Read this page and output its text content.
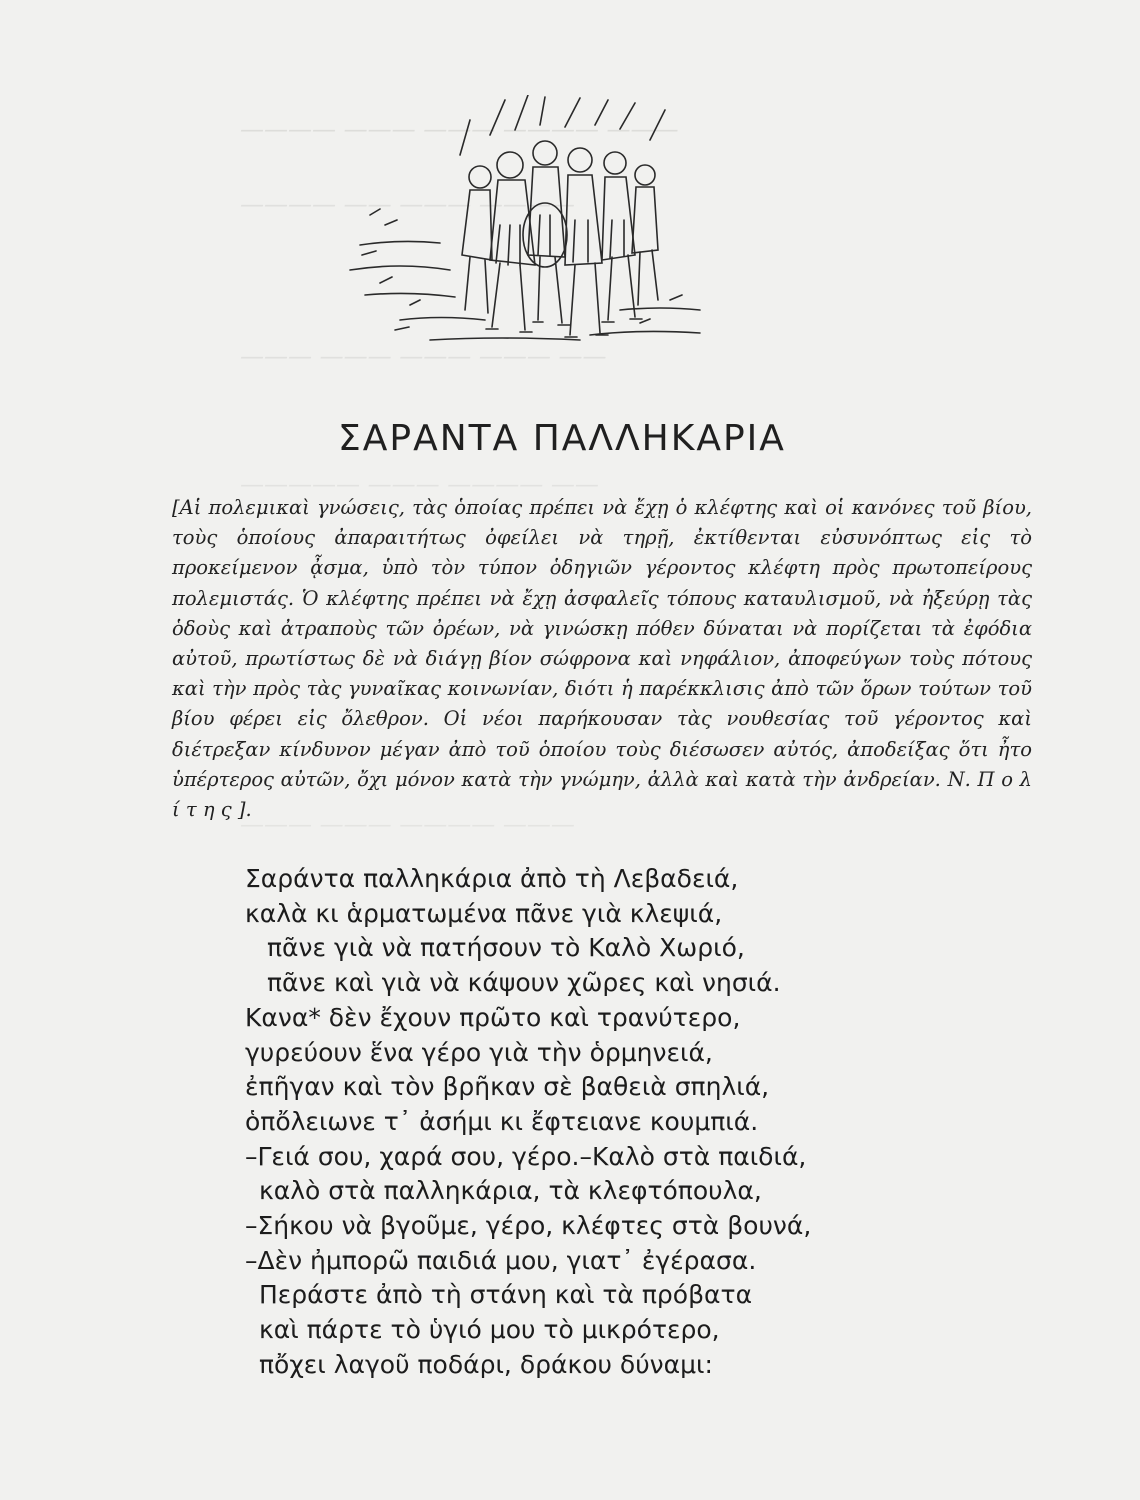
———— ——— ——— ———— ———
———— —— ——— ————
——— ——— ——— ——— ——
————— ——— ———— ——
——— ——— ———— ———
ΣΑΡΑΝΤΑ ΠΑΛΛΗΚΑΡΙΑ

[Αἱ πολεμικαὶ γνώσεις, τὰς ὁποίας πρέπει νὰ ἔχῃ ὁ κλέφτης καὶ οἱ κανόνες τοῦ βίου, τοὺς ὁποίους ἀπαραιτήτως ὀφείλει νὰ τηρῇ, ἐκτίθενται εὐσυνόπτως εἰς τὸ προκείμενον ᾆσμα, ὑπὸ τὸν τύπον ὁδηγιῶν γέροντος κλέφτη πρὸς πρωτοπείρους πολεμιστάς. Ὁ κλέφτης πρέπει νὰ ἔχῃ ἀσφαλεῖς τόπους καταυλισμοῦ, νὰ ἠξεύρῃ τὰς ὁδοὺς καὶ ἀτραποὺς τῶν ὀρέων, νὰ γινώσκῃ πόθεν δύναται νὰ πορίζεται τὰ ἐφόδια αὐτοῦ, πρωτίστως δὲ νὰ διάγῃ βίον σώφρονα καὶ νηφάλιον, ἀποφεύγων τοὺς πότους καὶ τὴν πρὸς τὰς γυναῖκας κοινωνίαν, διότι ἡ παρέκκλισις ἀπὸ τῶν ὅρων τούτων τοῦ βίου φέρει εἰς ὄλεθρον. Οἱ νέοι παρήκουσαν τὰς νουθεσίας τοῦ γέροντος καὶ διέτρεξαν κίνδυνον μέγαν ἀπὸ τοῦ ὁποίου τοὺς διέσωσεν αὐτός, ἀποδείξας ὅτι ἦτο ὑπέρτερος αὐτῶν, ὄχι μόνον κατὰ τὴν γνώμην, ἀλλὰ καὶ κατὰ τὴν ἀνδρείαν. Ν. Π ο λ ί τ η ς ].

Σαράντα παλληκάρια ἀπὸ τὴ Λεβαδειά,
καλὰ κι ἁρματωμένα πᾶνε γιὰ κλεψιά,
πᾶνε γιὰ νὰ πατήσουν τὸ Καλὸ Χωριό,
πᾶνε καὶ γιὰ νὰ κάψουν χῶρες καὶ νησιά.
Κανα* δὲν ἔχουν πρῶτο καὶ τρανύτερο,
γυρεύουν ἕνα γέρο γιὰ τὴν ὁρμηνειά,
ἐπῆγαν καὶ τὸν βρῆκαν σὲ βαθειὰ σπηλιά,
ὁπὄλειωνε τ᾽ ἀσήμι κι ἔφτειανε κουμπιά.
–Γειά σου, χαρά σου, γέρο.–Καλὸ στὰ παιδιά,
καλὸ στὰ παλληκάρια, τὰ κλεφτόπουλα,
–Σήκου νὰ βγοῦμε, γέρο, κλέφτες στὰ βουνά,
–Δὲν ἠμπορῶ παιδιά μου, γιατ᾽ ἐγέρασα.
Περάστε ἀπὸ τὴ στάνη καὶ τὰ πρόβατα
καὶ πάρτε τὸ ὑγιό μου τὸ μικρότερο,
πὄχει λαγοῦ ποδάρι, δράκου δύναμι:
